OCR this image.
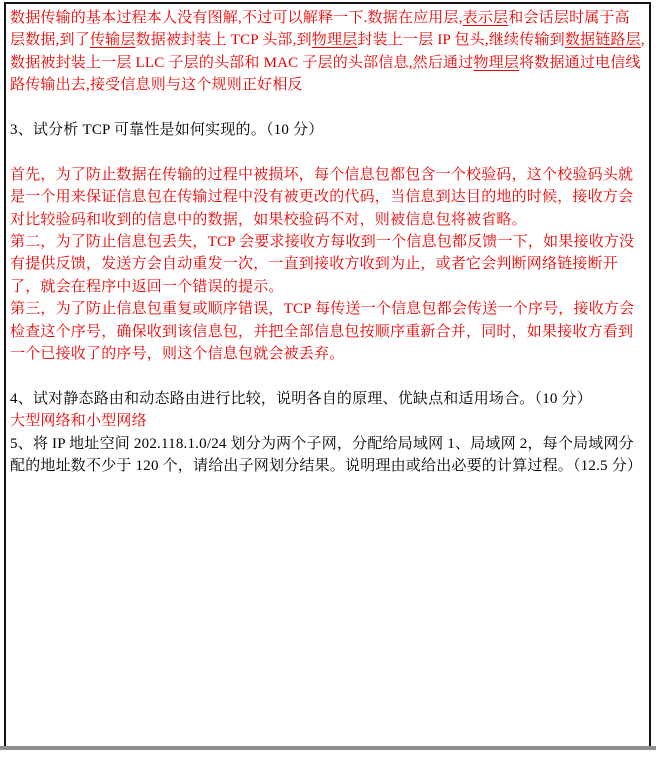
数据传输的基本过程本人没有图解,不过可以解释一下.数据在应用层,表示层和会话层时属于高层数据,到了传输层数据被封装上 TCP 头部,到物理层封装上一层 IP 包头,继续传输到数据链路层,数据被封装上一层 LLC 子层的头部和 MAC 子层的头部信息,然后通过物理层将数据通过电信线路传输出去,接受信息则与这个规则正好相反

3、试分析 TCP 可靠性是如何实现的。（10 分）

首先，为了防止数据在传输的过程中被损坏，每个信息包都包含一个校验码，这个校验码头就是一个用来保证信息包在传输过程中没有被更改的代码，当信息到达目的地的时候，接收方会对比较验码和收到的信息中的数据，如果校验码不对，则被信息包将被省略。

第二，为了防止信息包丢失，TCP 会要求接收方每收到一个信息包都反馈一下，如果接收方没有提供反馈，发送方会自动重发一次，一直到接收方收到为止，或者它会判断网络链接断开了，就会在程序中返回一个错误的提示。

第三，为了防止信息包重复或顺序错误，TCP 每传送一个信息包都会传送一个序号，接收方会检查这个序号，确保收到该信息包，并把全部信息包按顺序重新合并，同时，如果接收方看到一个已接收了的序号，则这个信息包就会被丢弃。

4、试对静态路由和动态路由进行比较，说明各自的原理、优缺点和适用场合。（10 分）

大型网络和小型网络

5、将 IP 地址空间 202.118.1.0/24 划分为两个子网，分配给局域网 1、局域网 2，每个局域网分配的地址数不少于 120 个，请给出子网划分结果。说明理由或给出必要的计算过程。（12.5 分）
